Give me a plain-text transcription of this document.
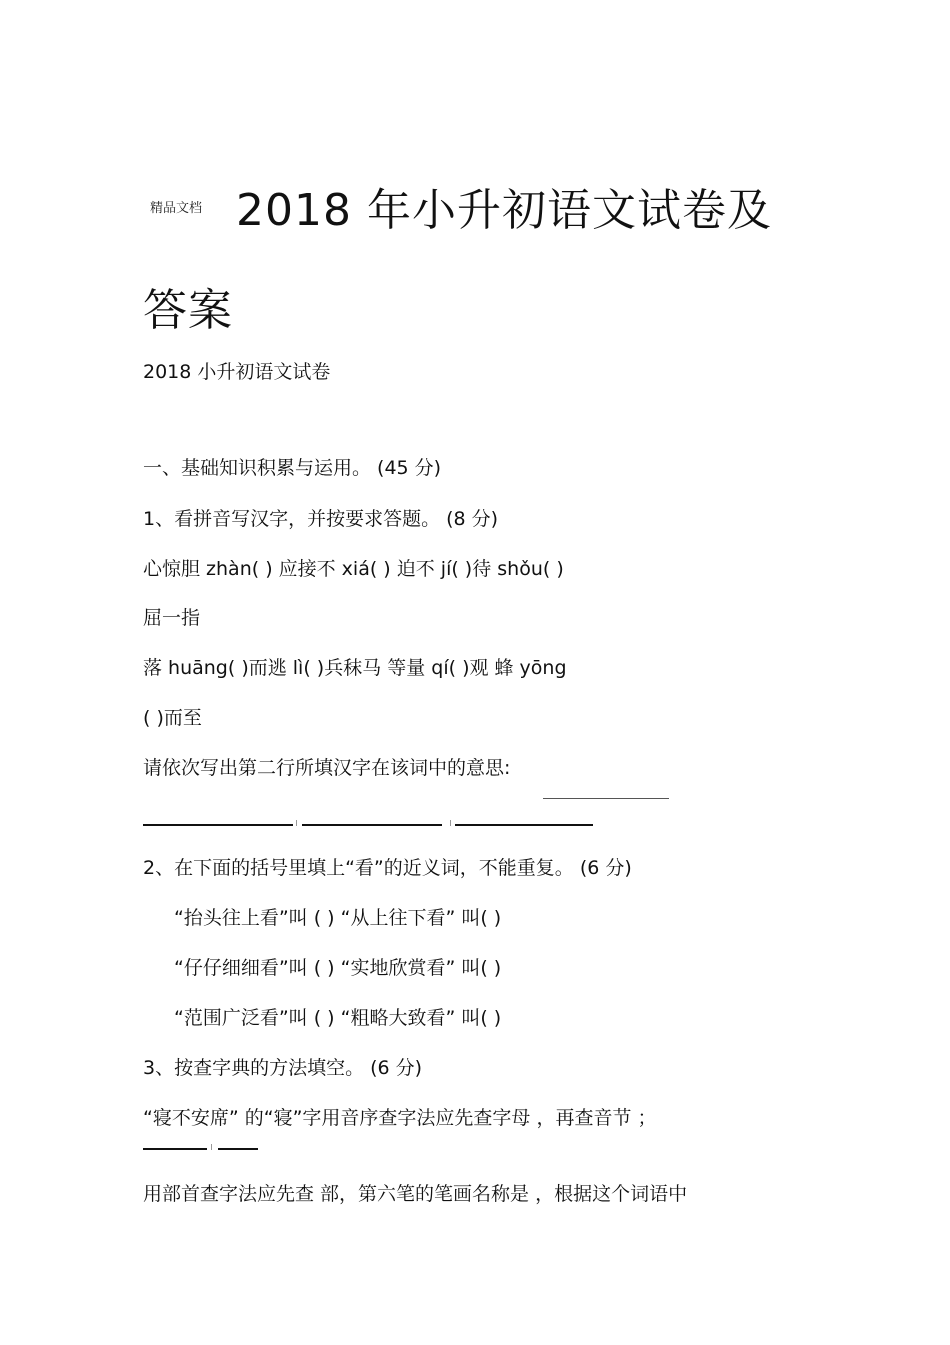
精品文档 2018 年小升初语文试卷及
答案
2018 小升初语文试卷
一、基础知识积累与运用。 (45 分)
1、看拼音写汉字，并按要求答题。 (8 分)
心惊胆 zhàn( ) 应接不 xiá( ) 迫不 jí( )待 shǒu( )
屈一指
落 huāng( )而逃 lì( )兵秣马 等量 qí( )观 蜂 yōng
( )而至
请依次写出第二行所填汉字在该词中的意思:
2、在下面的括号里填上“看”的近义词，不能重复。 (6 分)
“抬头往上看”叫 ( ) “从上往下看” 叫( )
“仔仔细细看”叫 ( ) “实地欣赏看” 叫( )
“范围广泛看”叫 ( ) “粗略大致看” 叫( )
3、按查字典的方法填空。 (6 分)
“寝不安席” 的“寝”字用音序查字法应先查字母 ，再查音节 ；
用部首查字法应先查 部，第六笔的笔画名称是 ，根据这个词语中
